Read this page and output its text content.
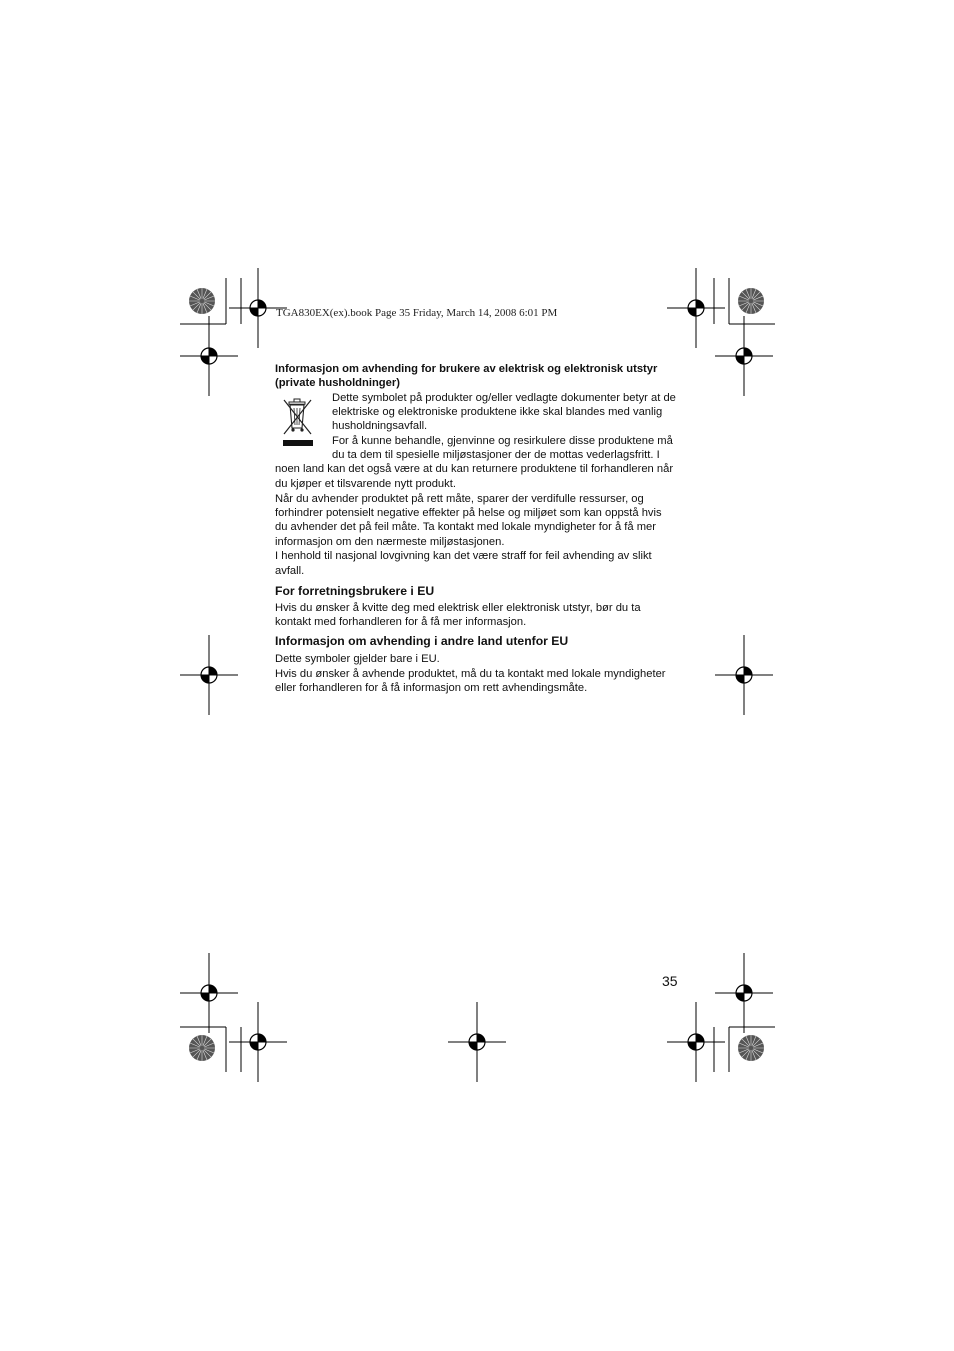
TGA830EX(ex).book Page 35 Friday, March 14, 2008 6:01 PM
Informasjon om avhending for brukere av elektrisk og elektronisk utstyr
(private husholdninger)
Dette symbolet på produkter og/eller vedlagte dokumenter betyr at de
elektriske og elektroniske produktene ikke skal blandes med vanlig
husholdningsavfall.
For å kunne behandle, gjenvinne og resirkulere disse produktene må
du ta dem til spesielle miljøstasjoner der de mottas vederlagsfritt. I
noen land kan det også være at du kan returnere produktene til forhandleren når
du kjøper et tilsvarende nytt produkt.
Når du avhender produktet på rett måte, sparer der verdifulle ressurser, og
forhindrer potensielt negative effekter på helse og miljøet som kan oppstå hvis
du avhender det på feil måte. Ta kontakt med lokale myndigheter for å få mer
informasjon om den nærmeste miljøstasjonen.
I henhold til nasjonal lovgivning kan det være straff for feil avhending av slikt
avfall.
For forretningsbrukere i EU
Hvis du ønsker å kvitte deg med elektrisk eller elektronisk utstyr, bør du ta
kontakt med forhandleren for å få mer informasjon.
Informasjon om avhending i andre land utenfor EU
Dette symboler gjelder bare i EU.
Hvis du ønsker å avhende produktet, må du ta kontakt med lokale myndigheter
eller forhandleren for å få informasjon om rett avhendingsmåte.
35
